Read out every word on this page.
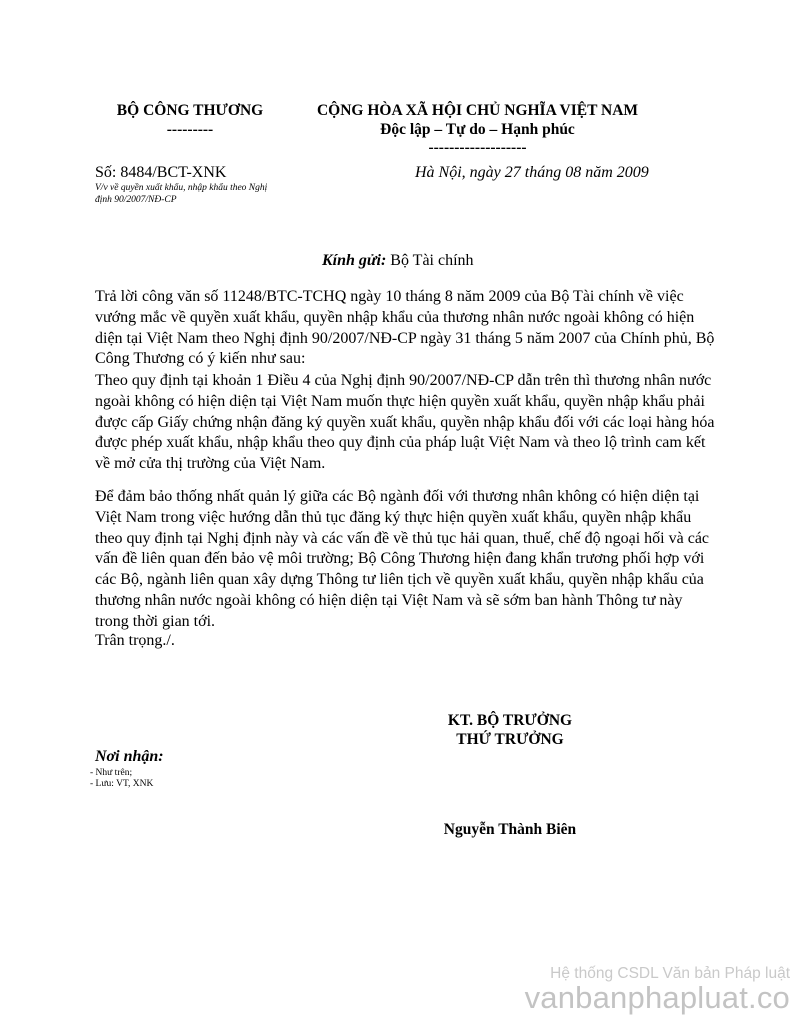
BỘ CÔNG THƯƠNG
---------
CỘNG HÒA XÃ HỘI CHỦ NGHĨA VIỆT NAM
Độc lập – Tự do – Hạnh phúc
-------------------
Số: 8484/BCT-XNK	Hà Nội, ngày 27 tháng 08 năm 2009
V/v về quyền xuất khẩu, nhập khẩu theo Nghị
định 90/2007/NĐ-CP
Kính gửi: Bộ Tài chính
Trả lời công văn số 11248/BTC-TCHQ ngày 10 tháng 8 năm 2009 của Bộ Tài chính về việc
vướng mắc về quyền xuất khẩu, quyền nhập khẩu của thương nhân nước ngoài không có hiện
diện tại Việt Nam theo Nghị định 90/2007/NĐ-CP ngày 31 tháng 5 năm 2007 của Chính phủ, Bộ
Công Thương có ý kiến như sau:
Theo quy định tại khoản 1 Điều 4 của Nghị định 90/2007/NĐ-CP dẫn trên thì thương nhân nước
ngoài không có hiện diện tại Việt Nam muốn thực hiện quyền xuất khẩu, quyền nhập khẩu phải
được cấp Giấy chứng nhận đăng ký quyền xuất khẩu, quyền nhập khẩu đối với các loại hàng hóa
được phép xuất khẩu, nhập khẩu theo quy định của pháp luật Việt Nam và theo lộ trình cam kết
về mở cửa thị trường của Việt Nam.
Để đảm bảo thống nhất quản lý giữa các Bộ ngành đối với thương nhân không có hiện diện tại
Việt Nam trong việc hướng dẫn thủ tục đăng ký thực hiện quyền xuất khẩu, quyền nhập khẩu
theo quy định tại Nghị định này và các vấn đề về thủ tục hải quan, thuế, chế độ ngoại hối và các
vấn đề liên quan đến bảo vệ môi trường; Bộ Công Thương hiện đang khẩn trương phối hợp với
các Bộ, ngành liên quan xây dựng Thông tư liên tịch về quyền xuất khẩu, quyền nhập khẩu của
thương nhân nước ngoài không có hiện diện tại Việt Nam và sẽ sớm ban hành Thông tư này
trong thời gian tới.
Trân trọng./.
KT. BỘ TRƯỞNG
THỨ TRƯỞNG
Nguyễn Thành Biên
Nơi nhận:
- Như trên;
- Lưu: VT, XNK
Hệ thống CSDL Văn bản Pháp luật
vanbanphapluat.co
